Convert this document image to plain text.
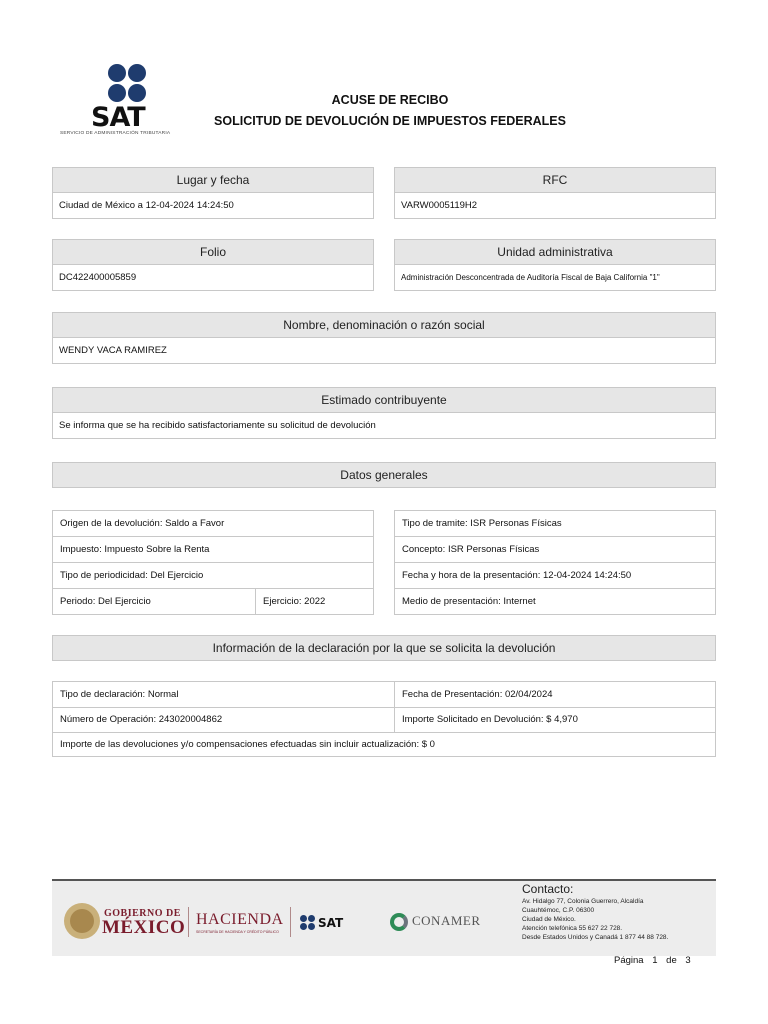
SAT
SERVICIO DE ADMINISTRACIÓN TRIBUTARIA
ACUSE DE RECIBO
SOLICITUD DE DEVOLUCIÓN DE IMPUESTOS FEDERALES
Lugar y fecha
Ciudad de México a 12-04-2024 14:24:50
RFC
VARW0005119H2
Folio
DC422400005859
Unidad administrativa
Administración Desconcentrada de Auditoría Fiscal de Baja California "1"
Nombre, denominación o razón social
WENDY VACA RAMIREZ
Estimado contribuyente
Se informa que se ha recibido satisfactoriamente su solicitud de devolución
Datos generales
Origen de la devolución: Saldo a Favor
Impuesto: Impuesto Sobre la Renta
Tipo de periodicidad: Del Ejercicio
Periodo: Del Ejercicio	Ejercicio: 2022
Tipo de tramite: ISR Personas Físicas
Concepto: ISR Personas Físicas
Fecha y hora de la presentación: 12-04-2024 14:24:50
Medio de presentación: Internet
Información de la declaración por la que se solicita la devolución
Tipo de declaración: Normal	Fecha de Presentación: 02/04/2024
Número de Operación: 243020004862	Importe Solicitado en Devolución: $ 4,970
Importe de las devoluciones y/o compensaciones efectuadas sin incluir actualización: $ 0
GOBIERNO DE
MÉXICO HACIENDA
SECRETARÍA DE HACIENDA Y CRÉDITO PÚBLICO
SAT	CONAMER
Contacto:
Av. Hidalgo 77, Colonia Guerrero, Alcaldía
Cuauhtémoc, C.P. 06300
Ciudad de México.
Atención telefónica 55 627 22 728.
Desde Estados Unidos y Canadá 1 877 44 88 728.
Página 1 de 3
